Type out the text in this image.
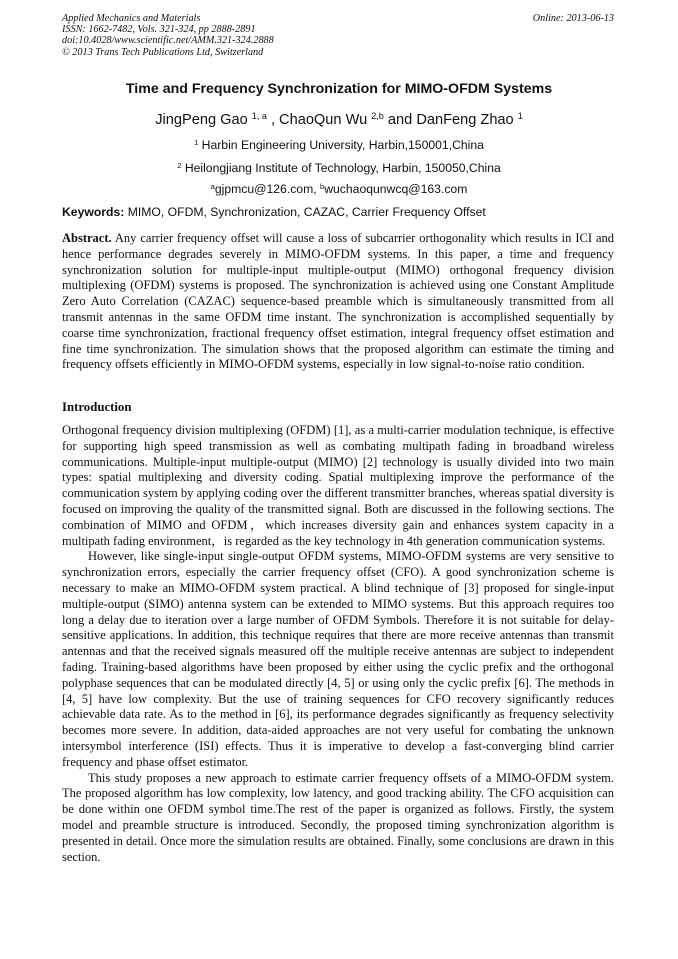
Applied Mechanics and Materials
ISSN: 1662-7482, Vols. 321-324, pp 2888-2891
doi:10.4028/www.scientific.net/AMM.321-324.2888
© 2013 Trans Tech Publications Ltd, Switzerland
Online: 2013-06-13
Time and Frequency Synchronization for MIMO-OFDM Systems
JingPeng Gao $^{1, a}$ , ChaoQun Wu $^{2,b}$ and DanFeng Zhao $^1$
$^1$ Harbin Engineering University, Harbin,150001,China
$^2$ Heilongjiang Institute of Technology, Harbin, 150050,China
$^a$gjpmcu@126.com, $^b$wuchaoqunwcq@163.com
Keywords: MIMO, OFDM, Synchronization, CAZAC, Carrier Frequency Offset
Abstract. Any carrier frequency offset will cause a loss of subcarrier orthogonality which results in ICI and hence performance degrades severely in MIMO-OFDM systems. In this paper, a time and frequency synchronization solution for multiple-input multiple-output (MIMO) orthogonal frequency division multiplexing (OFDM) systems is proposed. The synchronization is achieved using one Constant Amplitude Zero Auto Correlation (CAZAC) sequence-based preamble which is simultaneously transmitted from all transmit antennas in the same OFDM time instant. The synchronization is accomplished sequentially by coarse time synchronization, fractional frequency offset estimation, integral frequency offset estimation and fine time synchronization. The simulation shows that the proposed algorithm can estimate the timing and frequency offsets efficiently in MIMO-OFDM systems, especially in low signal-to-noise ratio condition.
Introduction

Orthogonal frequency division multiplexing (OFDM) [1], as a multi-carrier modulation technique, is effective for supporting high speed transmission as well as combating multipath fading in broadband wireless communications. Multiple-input multiple-output (MIMO) [2] technology is usually divided into two main types: spatial multiplexing and diversity coding. Spatial multiplexing improve the performance of the communication system by applying coding over the different transmitter branches, whereas spatial diversity is focused on improving the quality of the transmitted signal. Both are discussed in the following sections. The combination of MIMO and OFDM，which increases diversity gain and enhances system capacity in a multipath fading environment，is regarded as the key technology in 4th generation communication systems.

However, like single-input single-output OFDM systems, MIMO-OFDM systems are very sensitive to synchronization errors, especially the carrier frequency offset (CFO). A good synchronization scheme is necessary to make an MIMO-OFDM system practical. A blind technique of [3] proposed for single-input multiple-output (SIMO) antenna system can be extended to MIMO systems. But this approach requires too long a delay due to iteration over a large number of OFDM Symbols. Therefore it is not suitable for delay-sensitive applications. In addition, this technique requires that there are more receive antennas than transmit antennas and that the received signals measured off the multiple receive antennas are subject to independent fading. Training-based algorithms have been proposed by either using the cyclic prefix and the orthogonal polyphase sequences that can be modulated directly [4, 5] or using only the cyclic prefix [6]. The methods in [4, 5] have low complexity. But the use of training sequences for CFO recovery significantly reduces achievable data rate. As to the method in [6], its performance degrades significantly as frequency selectivity becomes more severe. In addition, data-aided approaches are not very useful for combating the unknown intersymbol interference (ISI) effects. Thus it is imperative to develop a fast-converging blind carrier frequency and phase offset estimator.

This study proposes a new approach to estimate carrier frequency offsets of a MIMO-OFDM system. The proposed algorithm has low complexity, low latency, and good tracking ability. The CFO acquisition can be done within one OFDM symbol time.The rest of the paper is organized as follows. Firstly, the system model and preamble structure is introduced. Secondly, the proposed timing synchronization algorithm is presented in detail. Once more the simulation results are obtained. Finally, some conclusions are drawn in this section.
